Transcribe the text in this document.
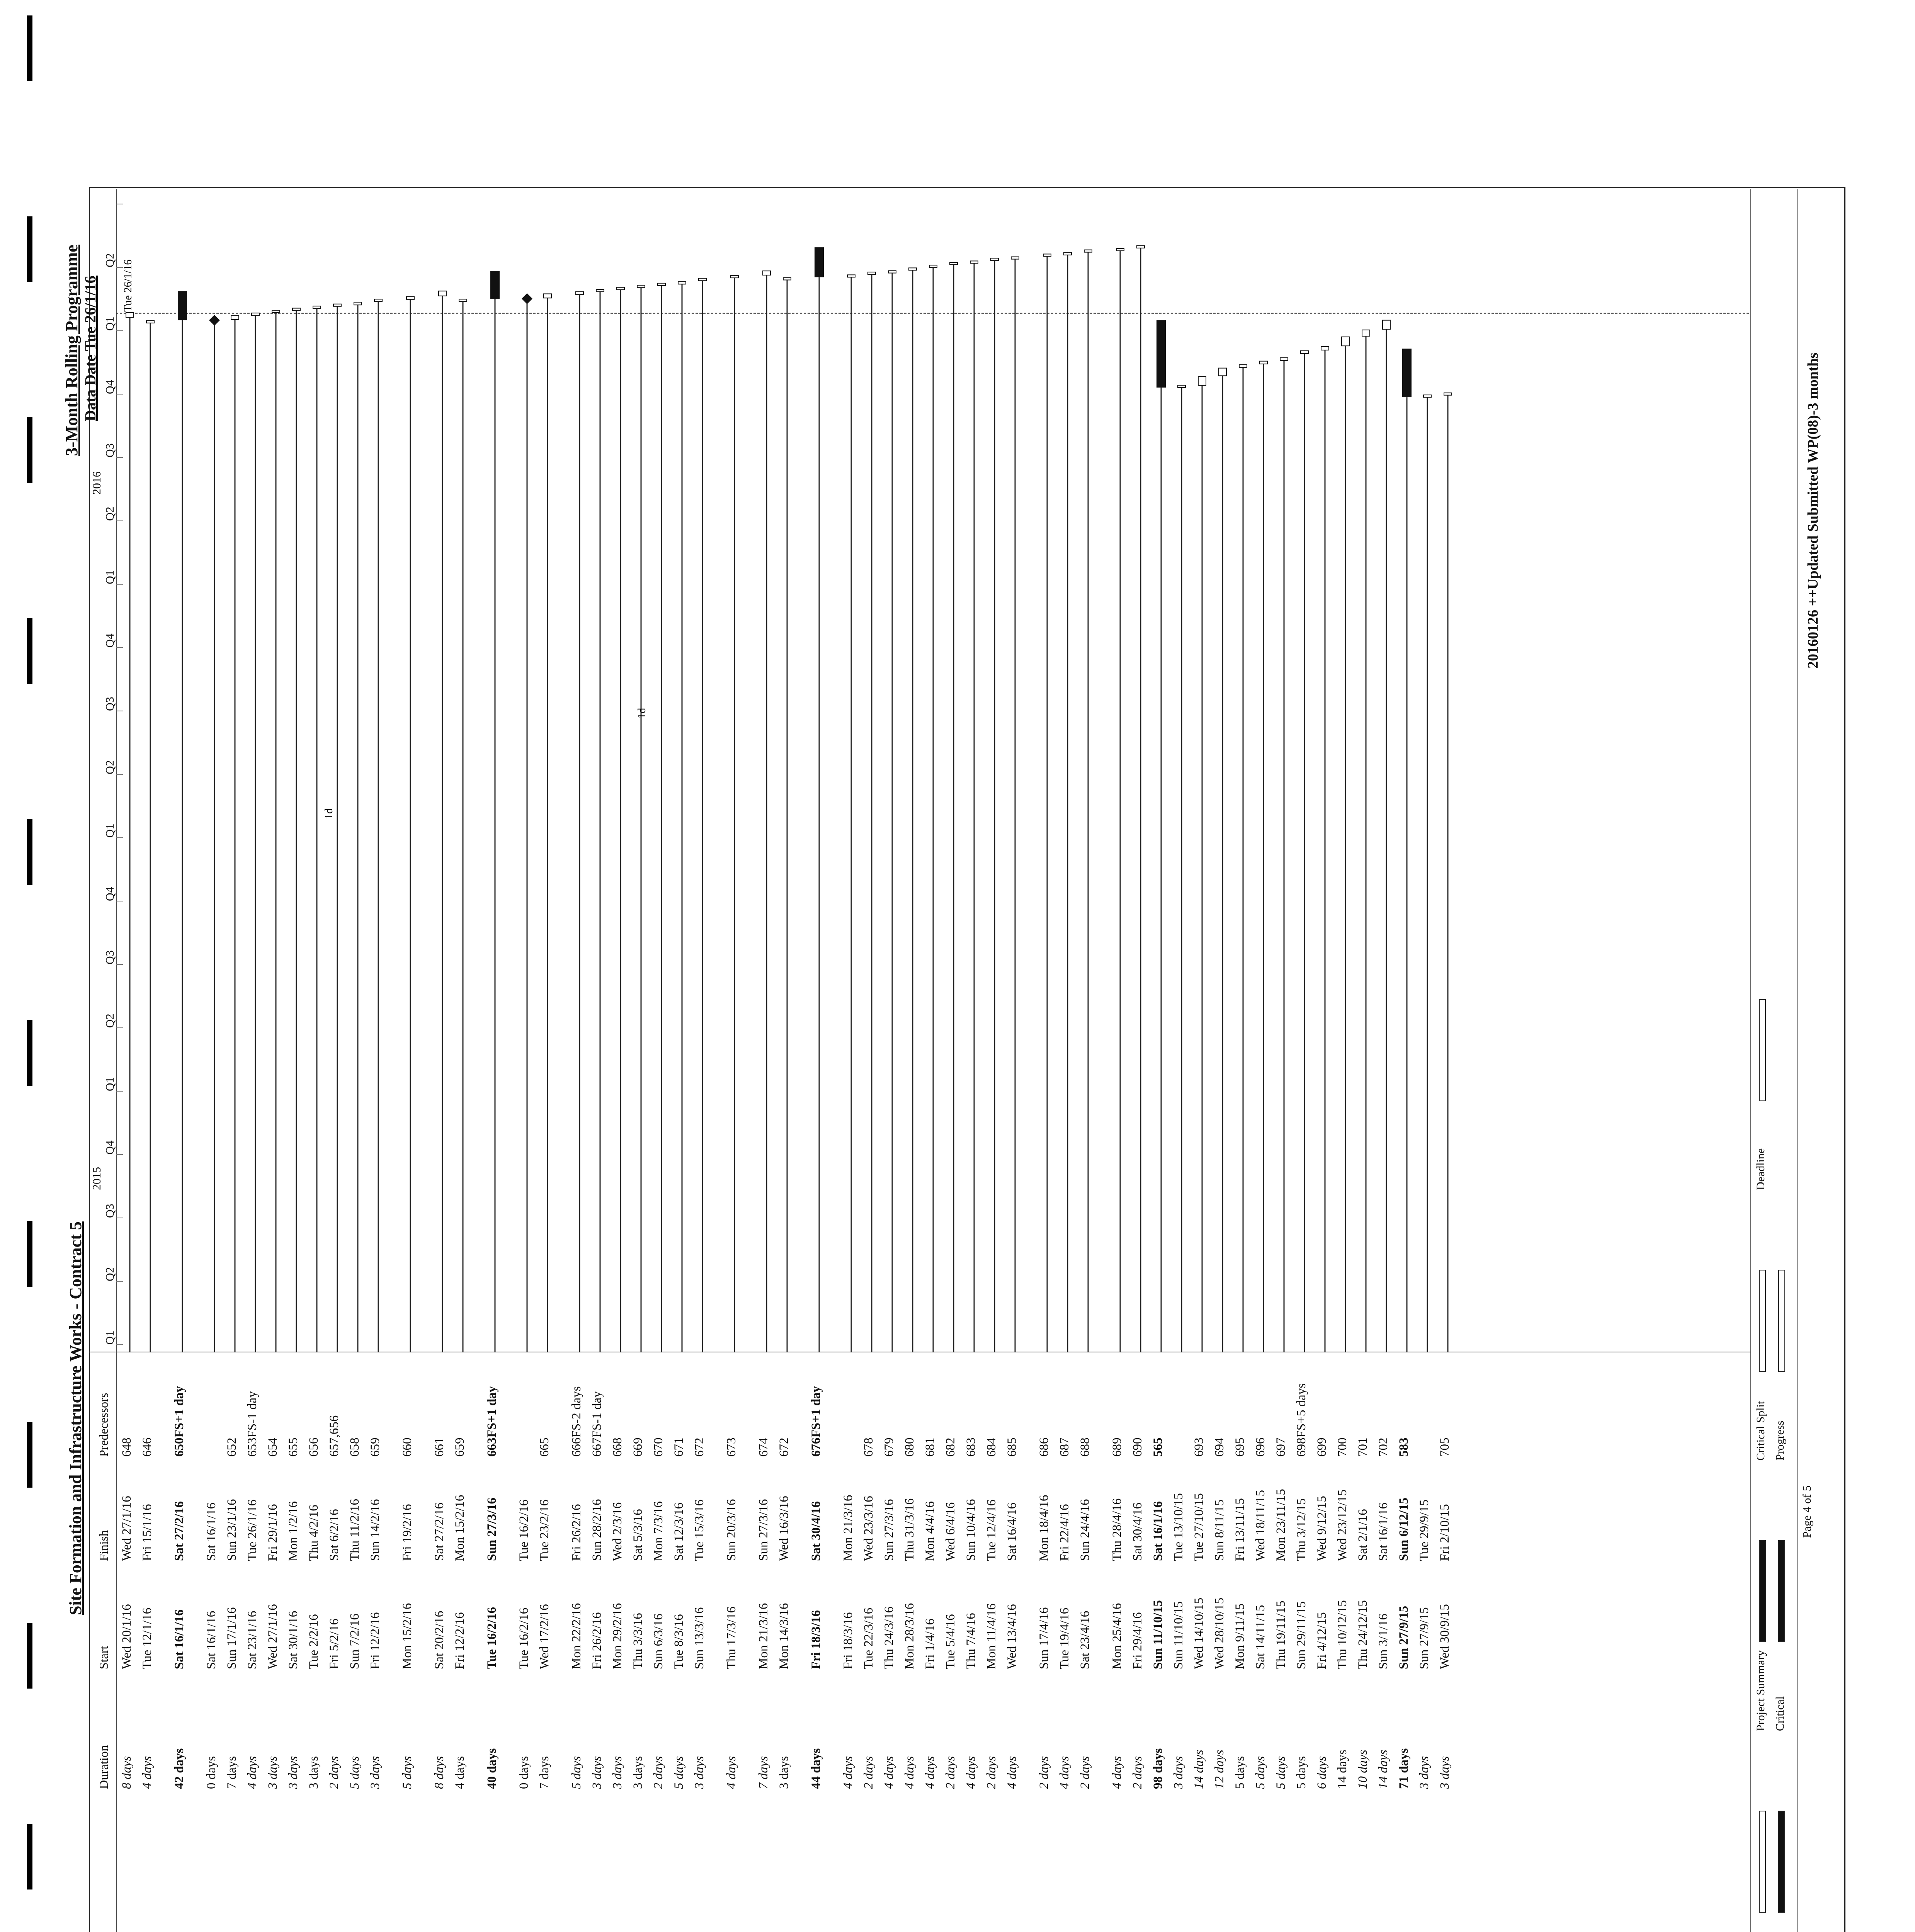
Site Formation and Infrastructure Works - Contract 5
3-Month Rolling Programme Data Date Tue 26/1/16
Duration
Start
Finish
Predecessors
2015
2016
Q1
Q2
Q3
Q4
Q1
Q2
Q3
Q4
Q1
Q2
Q3
Q4
Q1
Q2
Q3
Q4
Q1
Q2
8 days
Wed 20/1/16
Wed 27/1/16
648
4 days
Tue 12/1/16
Fri 15/1/16
646
42 days
Sat 16/1/16
Sat 27/2/16
650FS+1 day
0 days
Sat 16/1/16
Sat 16/1/16
7 days
Sun 17/1/16
Sun 23/1/16
652
4 days
Sat 23/1/16
Tue 26/1/16
653FS-1 day
3 days
Wed 27/1/16
Fri 29/1/16
654
3 days
Sat 30/1/16
Mon 1/2/16
655
3 days
Tue 2/2/16
Thu 4/2/16
656
2 days
Fri 5/2/16
Sat 6/2/16
657,656
5 days
Sun 7/2/16
Thu 11/2/16
658
3 days
Fri 12/2/16
Sun 14/2/16
659
5 days
Mon 15/2/16
Fri 19/2/16
660
8 days
Sat 20/2/16
Sat 27/2/16
661
4 days
Fri 12/2/16
Mon 15/2/16
659
40 days
Tue 16/2/16
Sun 27/3/16
663FS+1 day
0 days
Tue 16/2/16
Tue 16/2/16
7 days
Wed 17/2/16
Tue 23/2/16
665
5 days
Mon 22/2/16
Fri 26/2/16
666FS-2 days
3 days
Fri 26/2/16
Sun 28/2/16
667FS-1 day
3 days
Mon 29/2/16
Wed 2/3/16
668
3 days
Thu 3/3/16
Sat 5/3/16
669
2 days
Sun 6/3/16
Mon 7/3/16
670
5 days
Tue 8/3/16
Sat 12/3/16
671
3 days
Sun 13/3/16
Tue 15/3/16
672
4 days
Thu 17/3/16
Sun 20/3/16
673
7 days
Mon 21/3/16
Sun 27/3/16
674
3 days
Mon 14/3/16
Wed 16/3/16
672
44 days
Fri 18/3/16
Sat 30/4/16
676FS+1 day
4 days
Fri 18/3/16
Mon 21/3/16
2 days
Tue 22/3/16
Wed 23/3/16
678
4 days
Thu 24/3/16
Sun 27/3/16
679
4 days
Mon 28/3/16
Thu 31/3/16
680
4 days
Fri 1/4/16
Mon 4/4/16
681
2 days
Tue 5/4/16
Wed 6/4/16
682
4 days
Thu 7/4/16
Sun 10/4/16
683
2 days
Mon 11/4/16
Tue 12/4/16
684
4 days
Wed 13/4/16
Sat 16/4/16
685
2 days
Sun 17/4/16
Mon 18/4/16
686
4 days
Tue 19/4/16
Fri 22/4/16
687
2 days
Sat 23/4/16
Sun 24/4/16
688
4 days
Mon 25/4/16
Thu 28/4/16
689
2 days
Fri 29/4/16
Sat 30/4/16
690
98 days
Sun 11/10/15
Sat 16/1/16
565
3 days
Sun 11/10/15
Tue 13/10/15
14 days
Wed 14/10/15
Tue 27/10/15
693
12 days
Wed 28/10/15
Sun 8/11/15
694
5 days
Mon 9/11/15
Fri 13/11/15
695
5 days
Sat 14/11/15
Wed 18/11/15
696
5 days
Thu 19/11/15
Mon 23/11/15
697
5 days
Sun 29/11/15
Thu 3/12/15
698FS+5 days
6 days
Fri 4/12/15
Wed 9/12/15
699
14 days
Thu 10/12/15
Wed 23/12/15
700
10 days
Thu 24/12/15
Sat 2/1/16
701
14 days
Sun 3/1/16
Sat 16/1/16
702
71 days
Sun 27/9/15
Sun 6/12/15
583
3 days
Sun 27/9/15
Tue 29/9/15
3 days
Wed 30/9/15
Fri 2/10/15
705
Tue 26/1/16
1d
1d
Project Summary Critical
Critical Split Progress
Deadline
Page 4 of 5
20160126 ++Updated Submitted WP(08)-3 months
